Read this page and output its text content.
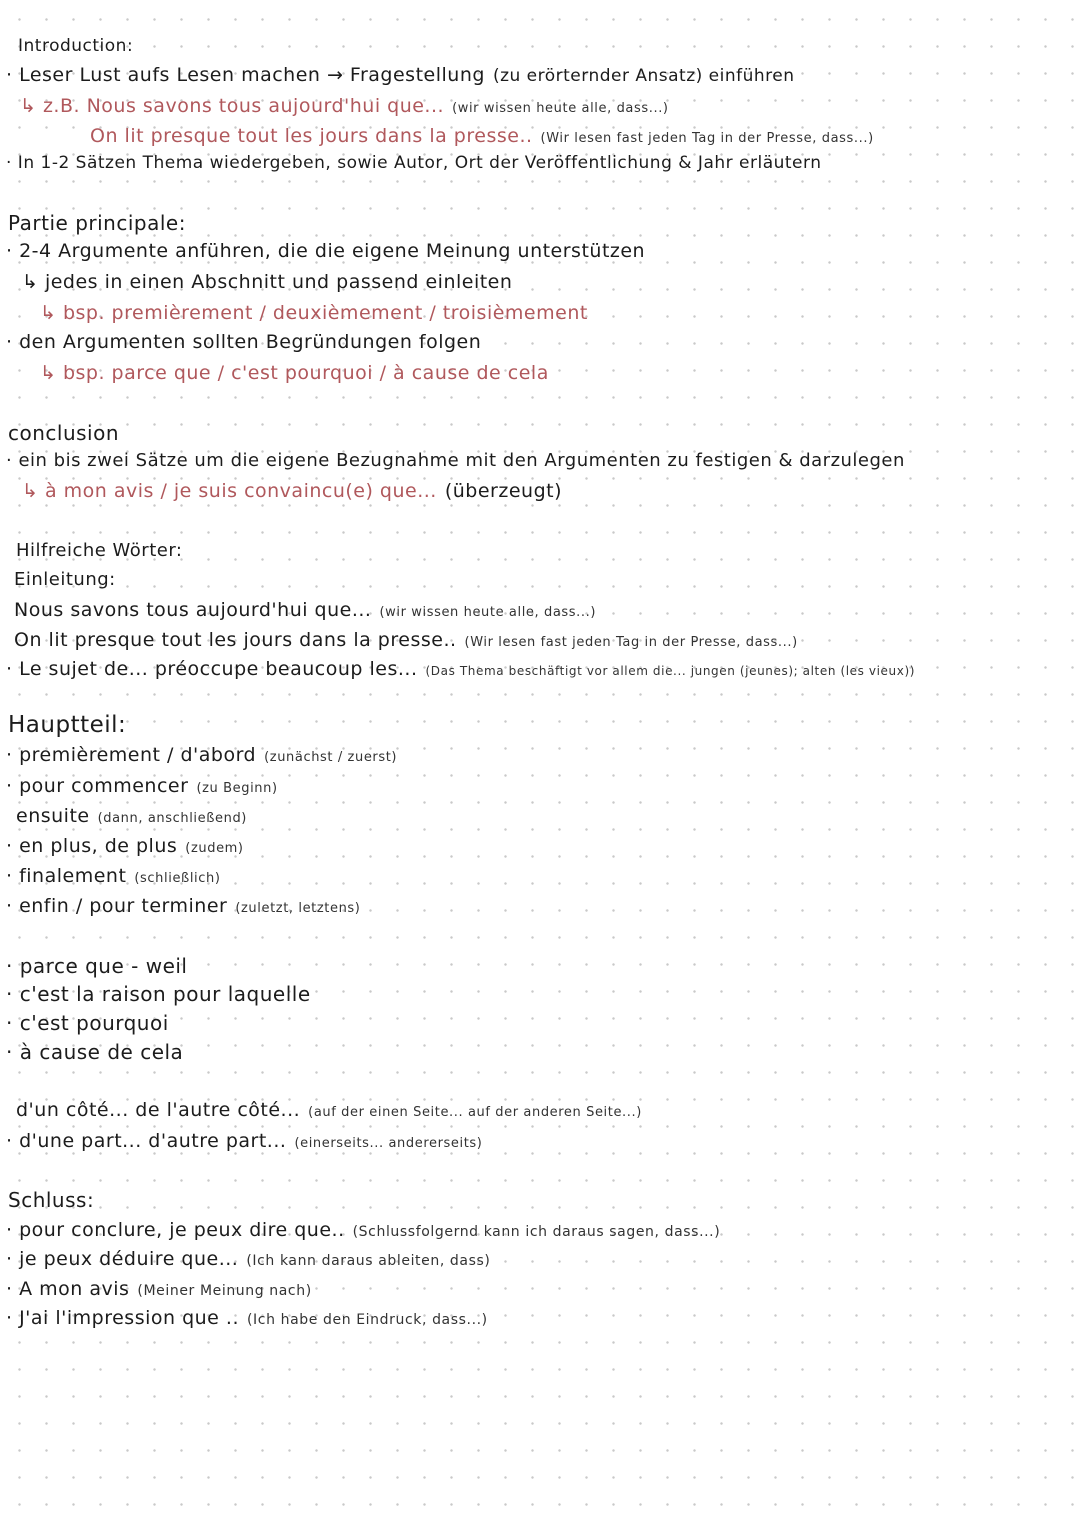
Introduction:
· Leser Lust aufs Lesen machen → Fragestellung (zu erörternder Ansatz) einführen
↳ z.B. Nous savons tous aujourd'hui que... (wir wissen heute alle, dass...)
On lit presque tout les jours dans la presse.. (Wir lesen fast jeden Tag in der Presse, dass...)
· In 1-2 Sätzen Thema wiedergeben, sowie Autor, Ort der Veröffentlichung & Jahr erläutern
Partie principale:
· 2-4 Argumente anführen, die die eigene Meinung unterstützen
↳ jedes in einen Abschnitt und passend einleiten
↳ bsp. premièrement / deuxièmement / troisièmement
· den Argumenten sollten Begründungen folgen
↳ bsp. parce que / c'est pourquoi / à cause de cela
conclusion
· ein bis zwei Sätze um die eigene Bezugnahme mit den Argumenten zu festigen & darzulegen
↳ à mon avis / je suis convaincu(e) que... (überzeugt)
Hilfreiche Wörter:
Einleitung:
Nous savons tous aujourd'hui que... (wir wissen heute alle, dass...)
On lit presque tout les jours dans la presse.. (Wir lesen fast jeden Tag in der Presse, dass...)
· Le sujet de... préoccupe beaucoup les... (Das Thema beschäftigt vor allem die... jungen (jeunes); alten (les vieux))
Hauptteil:
· premièrement / d'abord (zunächst / zuerst)
· pour commencer (zu Beginn)
ensuite (dann, anschließend)
· en plus, de plus (zudem)
· finalement (schließlich)
· enfin / pour terminer (zuletzt, letztens)
· parce que - weil
· c'est la raison pour laquelle
· c'est pourquoi
· à cause de cela
d'un côté... de l'autre côté... (auf der einen Seite... auf der anderen Seite...)
· d'une part... d'autre part... (einerseits... andererseits)
Schluss:
· pour conclure, je peux dire que.. (Schlussfolgernd kann ich daraus sagen, dass...)
· je peux déduire que... (Ich kann daraus ableiten, dass)
· A mon avis (Meiner Meinung nach)
· J'ai l'impression que .. (Ich habe den Eindruck, dass...)
